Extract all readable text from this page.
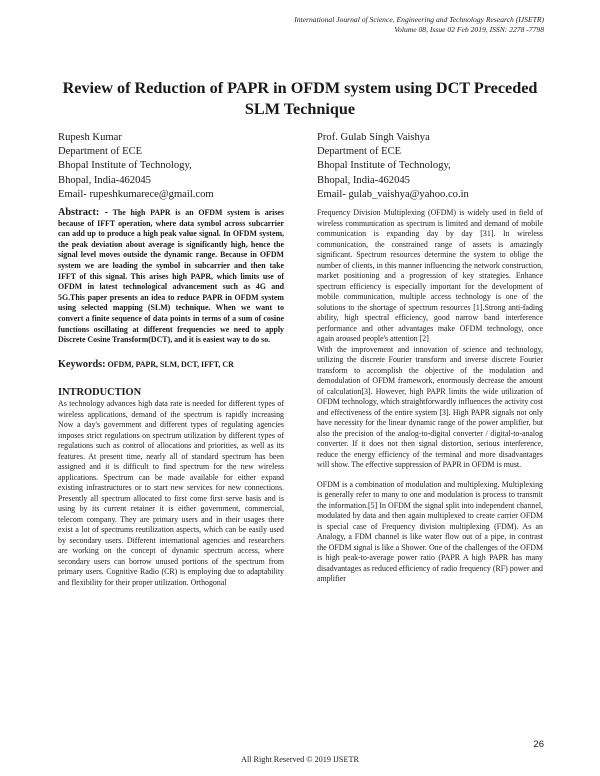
International Journal of Science, Engineering and Technology Research (IJSETR)
Volume 08, Issue 02 Feb 2019, ISSN: 2278 -7798
Review of Reduction of PAPR in OFDM system using DCT Preceded SLM Technique
Rupesh Kumar
Department of ECE
Bhopal Institute of Technology,
Bhopal, India-462045
Email- rupeshkumarece@gmail.com
Prof. Gulab Singh Vaishya
Department of ECE
Bhopal Institute of Technology,
Bhopal, India-462045
Email- gulab_vaishya@yahoo.co.in

Abstract: - The high PAPR is an OFDM system is arises because of IFFT operation, where data symbol across subcarrier can add up to produce a high peak value signal. In OFDM system, the peak deviation about average is significantly high, hence the signal level moves outside the dynamic range. Because in OFDM system we are loading the symbol in subcarrier and then take IFFT of this signal. This arises high PAPR, which limits use of OFDM in latest technological advancement such as 4G and 5G.This paper presents an idea to reduce PAPR in OFDM system using selected mapping (SLM) technique. When we want to convert a finite sequence of data points in terms of a sum of cosine functions oscillating at different frequencies we need to apply Discrete Cosine Transform(DCT), and it is easiest way to do so.

Keywords: OFDM, PAPR, SLM, DCT, IFFT, CR

INTRODUCTION

As technology advances high data rate is needed for different types of wireless applications, demand of the spectrum is rapidly increasing Now a day's government and different types of regulating agencies imposes strict regulations on spectrum utilization by different types of regulations such as control of allocations and priorities, as well as its features. At present time, nearly all of standard spectrum has been assigned and it is difficult to find spectrum for the new wireless applications. Spectrum can be made available for either expand existing infrastructures or to start new services for new connections. Presently all spectrum allocated to first come first serve basis and is using by its current retainer it is either government, commercial, telecom company. They are primary users and in their usages there exist a lot of spectrums reutilization aspects, which can be easily used by secondary users. Different international agencies and researchers are working on the concept of dynamic spectrum access, where secondary users can borrow unused portions of the spectrum from primary users. Cognitive Radio (CR) is employing due to adaptability and flexibility for their proper utilization. Orthogonal

Frequency Division Multiplexing (OFDM) is widely used in field of wireless communication as spectrum is limited and demand of mobile communication is expanding day by day [31]. In wireless communication, the constrained range of assets is amazingly significant. Spectrum resources determine the system to oblige the number of clients, in this manner influencing the network construction, market positioning and a progression of key strategies. Enhance spectrum efficiency is especially important for the development of mobile communication, multiple access technology is one of the solutions to the shortage of spectrum resources [1].Strong anti-fading ability, high spectral efficiency, good narrow band interference performance and other advantages make OFDM technology, once again aroused people's attention [2]

With the improvement and innovation of science and technology, utilizing the discrete Fourier transform and inverse discrete Fourier transform to accomplish the objective of the modulation and demodulation of OFDM framework, enormously decrease the amount of calculation[3]. However, high PAPR limits the wide utilization of OFDM technology, which straightforwardly influences the activity cost and effectiveness of the entire system [3]. High PAPR signals not only have necessity for the linear dynamic range of the power amplifier, but also the precision of the analog-to-digital converter / digital-to-analog converter. If it does not then signal distortion, serious interference, reduce the energy efficiency of the terminal and more disadvantages will show. The effective suppression of PAPR in OFDM is must.

OFDM is a combination of modulation and multiplexing. Multiplexing is generally refer to many to one and modulation is process to transmit the information.[5] In OFDM the signal split into independent channel, modulated by data and then again multiplexed to create carrier OFDM is special case of Frequency division multiplexing (FDM). As an Analogy, a FDM channel is like water flow out of a pipe, in contrast the OFDM signal is like a Shower. One of the challenges of the OFDM is high peak-to-average power ratio (PAPR A high PAPR has many disadvantages as reduced efficiency of radio frequency (RF) power and amplifier

26
All Right Reserved © 2019 IJSETR
